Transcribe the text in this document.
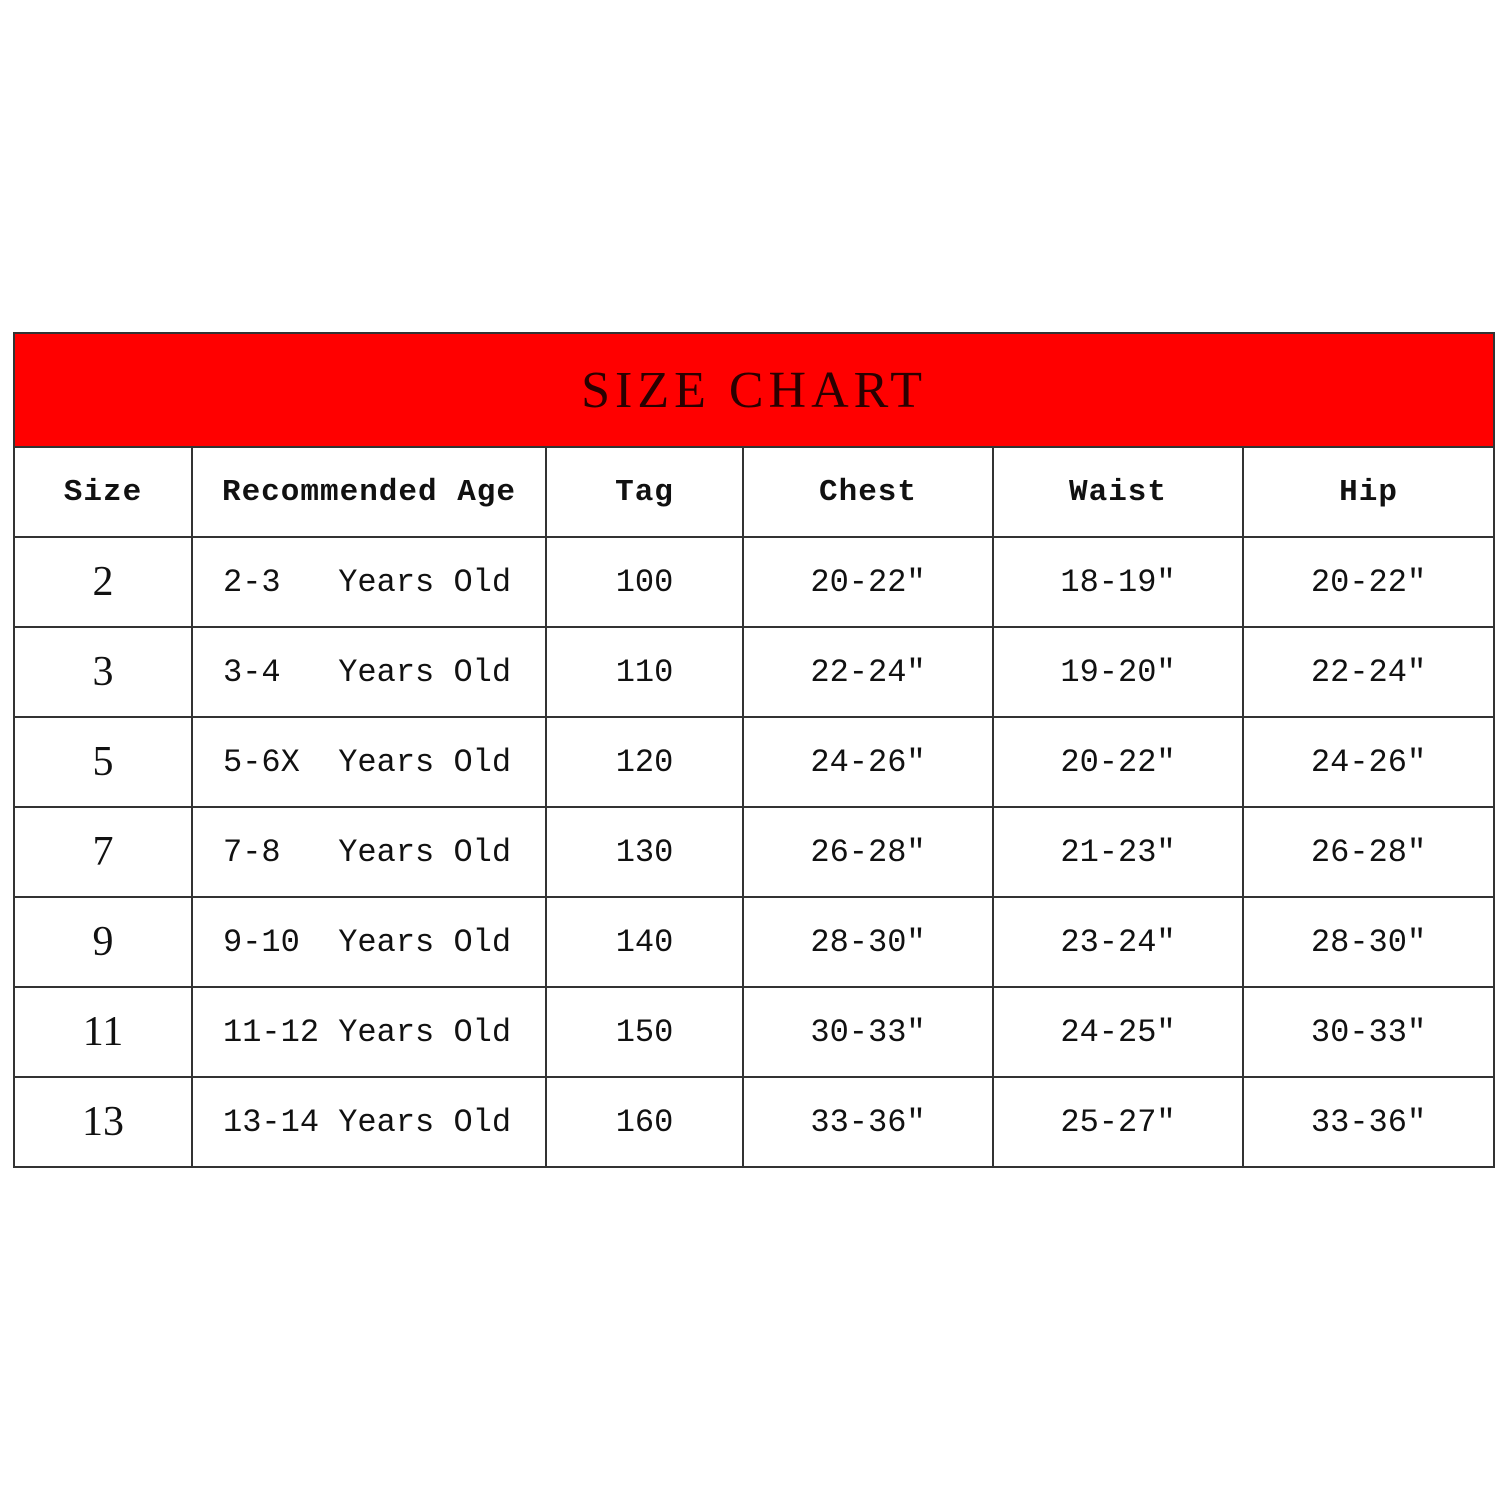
SIZE CHART					
Size	Recommended Age	Tag	Chest	Waist	Hip
2	2-3   Years Old	100	20-22″	18-19″	20-22″
3	3-4   Years Old	110	22-24″	19-20″	22-24″
5	5-6X  Years Old	120	24-26″	20-22″	24-26″
7	7-8   Years Old	130	26-28″	21-23″	26-28″
9	9-10  Years Old	140	28-30″	23-24″	28-30″
11	11-12 Years Old	150	30-33″	24-25″	30-33″
13	13-14 Years Old	160	33-36″	25-27″	33-36″
